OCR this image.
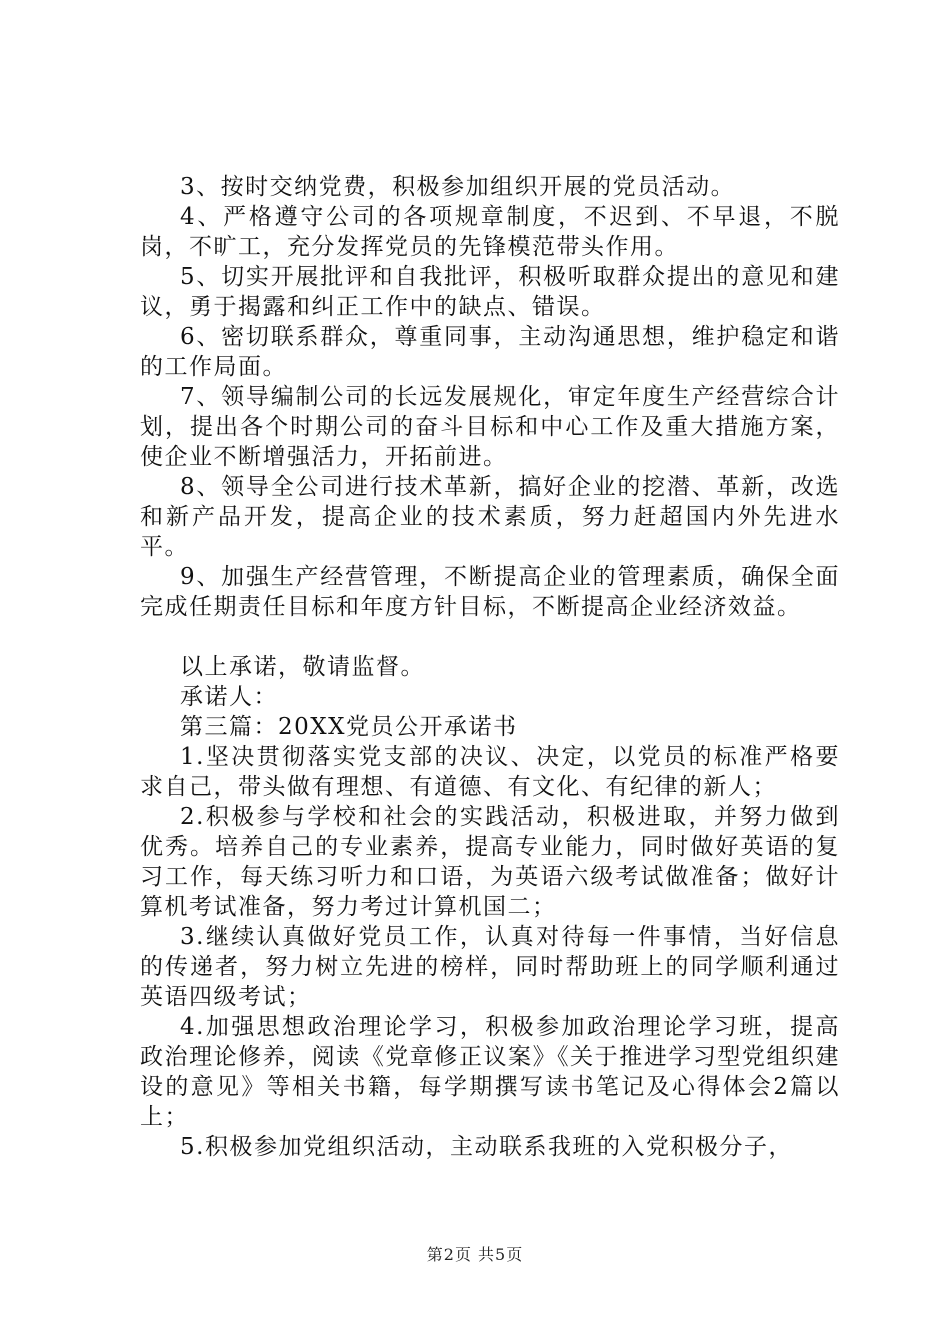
3、按时交纳党费，积极参加组织开展的党员活动。

4、严格遵守公司的各项规章制度，不迟到、不早退，不脱岗，不旷工，充分发挥党员的先锋模范带头作用。

5、切实开展批评和自我批评，积极听取群众提出的意见和建议，勇于揭露和纠正工作中的缺点、错误。

6、密切联系群众，尊重同事，主动沟通思想，维护稳定和谐的工作局面。

7、领导编制公司的长远发展规化，审定年度生产经营综合计划，提出各个时期公司的奋斗目标和中心工作及重大措施方案，使企业不断增强活力，开拓前进。

8、领导全公司进行技术革新，搞好企业的挖潜、革新，改选和新产品开发，提高企业的技术素质，努力赶超国内外先进水平。

9、加强生产经营管理，不断提高企业的管理素质，确保全面完成任期责任目标和年度方针目标，不断提高企业经济效益。

以上承诺，敬请监督。

承诺人：

第三篇：20XX党员公开承诺书

1.坚决贯彻落实党支部的决议、决定，以党员的标准严格要求自己，带头做有理想、有道德、有文化、有纪律的新人；

2.积极参与学校和社会的实践活动，积极进取，并努力做到优秀。培养自己的专业素养，提高专业能力，同时做好英语的复习工作，每天练习听力和口语，为英语六级考试做准备；做好计算机考试准备，努力考过计算机国二；

3.继续认真做好党员工作，认真对待每一件事情，当好信息的传递者，努力树立先进的榜样，同时帮助班上的同学顺利通过英语四级考试；

4.加强思想政治理论学习，积极参加政治理论学习班，提高政治理论修养，阅读《党章修正议案》《关于推进学习型党组织建设的意见》等相关书籍，每学期撰写读书笔记及心得体会2篇以上；

5.积极参加党组织活动，主动联系我班的入党积极分子，

第2页 共5页
